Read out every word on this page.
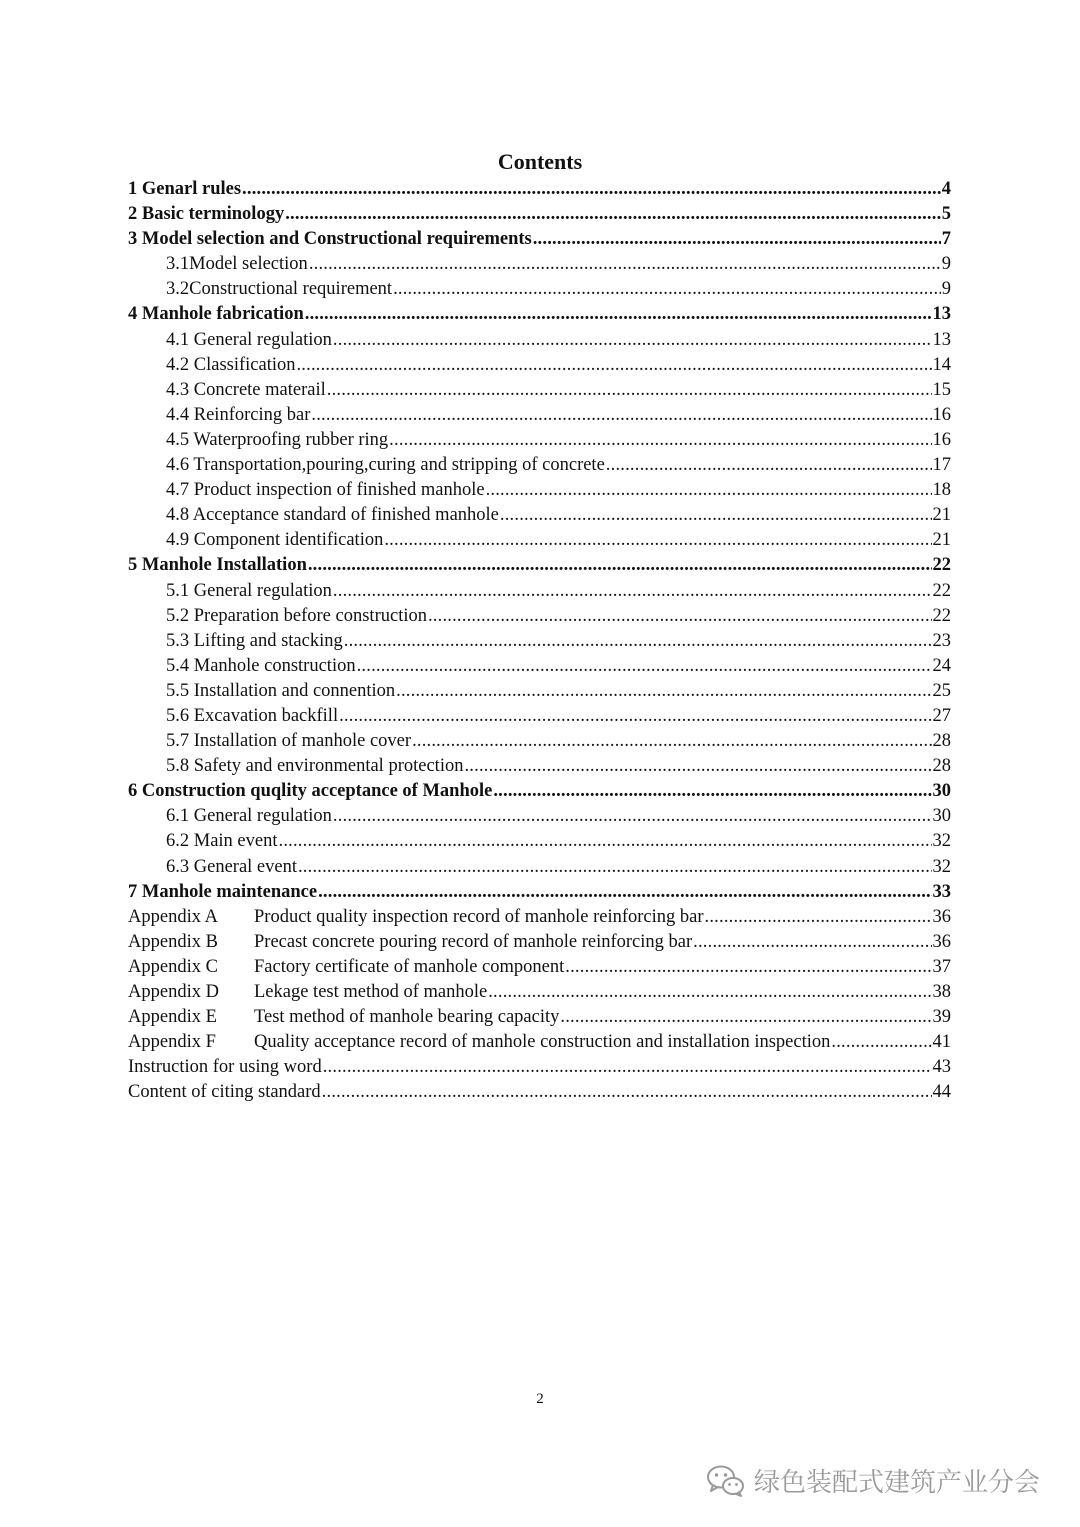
Contents
1 Genarl rules .....	4
2 Basic terminology .....	5
3 Model selection and Constructional requirements .....	7
3.1Model selection .....	9
3.2Constructional requirement .....	9
4 Manhole fabrication .....	13
4.1 General regulation .....	13
4.2 Classification .....	14
4.3 Concrete materail .....	15
4.4 Reinforcing bar .....	16
4.5 Waterproofing rubber ring .....	16
4.6 Transportation,pouring,curing and stripping of concrete .....	17
4.7 Product inspection of finished manhole .....	18
4.8 Acceptance standard of finished manhole .....	21
4.9 Component identification .....	21
5 Manhole Installation .....	22
5.1 General regulation .....	22
5.2 Preparation before construction .....	22
5.3 Lifting and stacking .....	23
5.4 Manhole construction .....	24
5.5 Installation and connention .....	25
5.6 Excavation backfill .....	27
5.7 Installation of manhole cover .....	28
5.8 Safety and environmental protection .....	28
6 Construction quqlity acceptance of Manhole .....	30
6.1 General regulation .....	30
6.2 Main event .....	32
6.3 General event .....	32
7 Manhole maintenance .....	33
Appendix A	Product quality inspection record of manhole reinforcing bar .....	36
Appendix B	Precast concrete pouring record of manhole reinforcing bar .....	36
Appendix C	Factory certificate of manhole component .....	37
Appendix D	Lekage test method of manhole .....	38
Appendix E	Test method of manhole bearing capacity .....	39
Appendix F	Quality acceptance record of manhole construction and installation inspection .....	41
Instruction for using word .....	43
Content of citing standard .....	44
2
绿色装配式建筑产业分会
